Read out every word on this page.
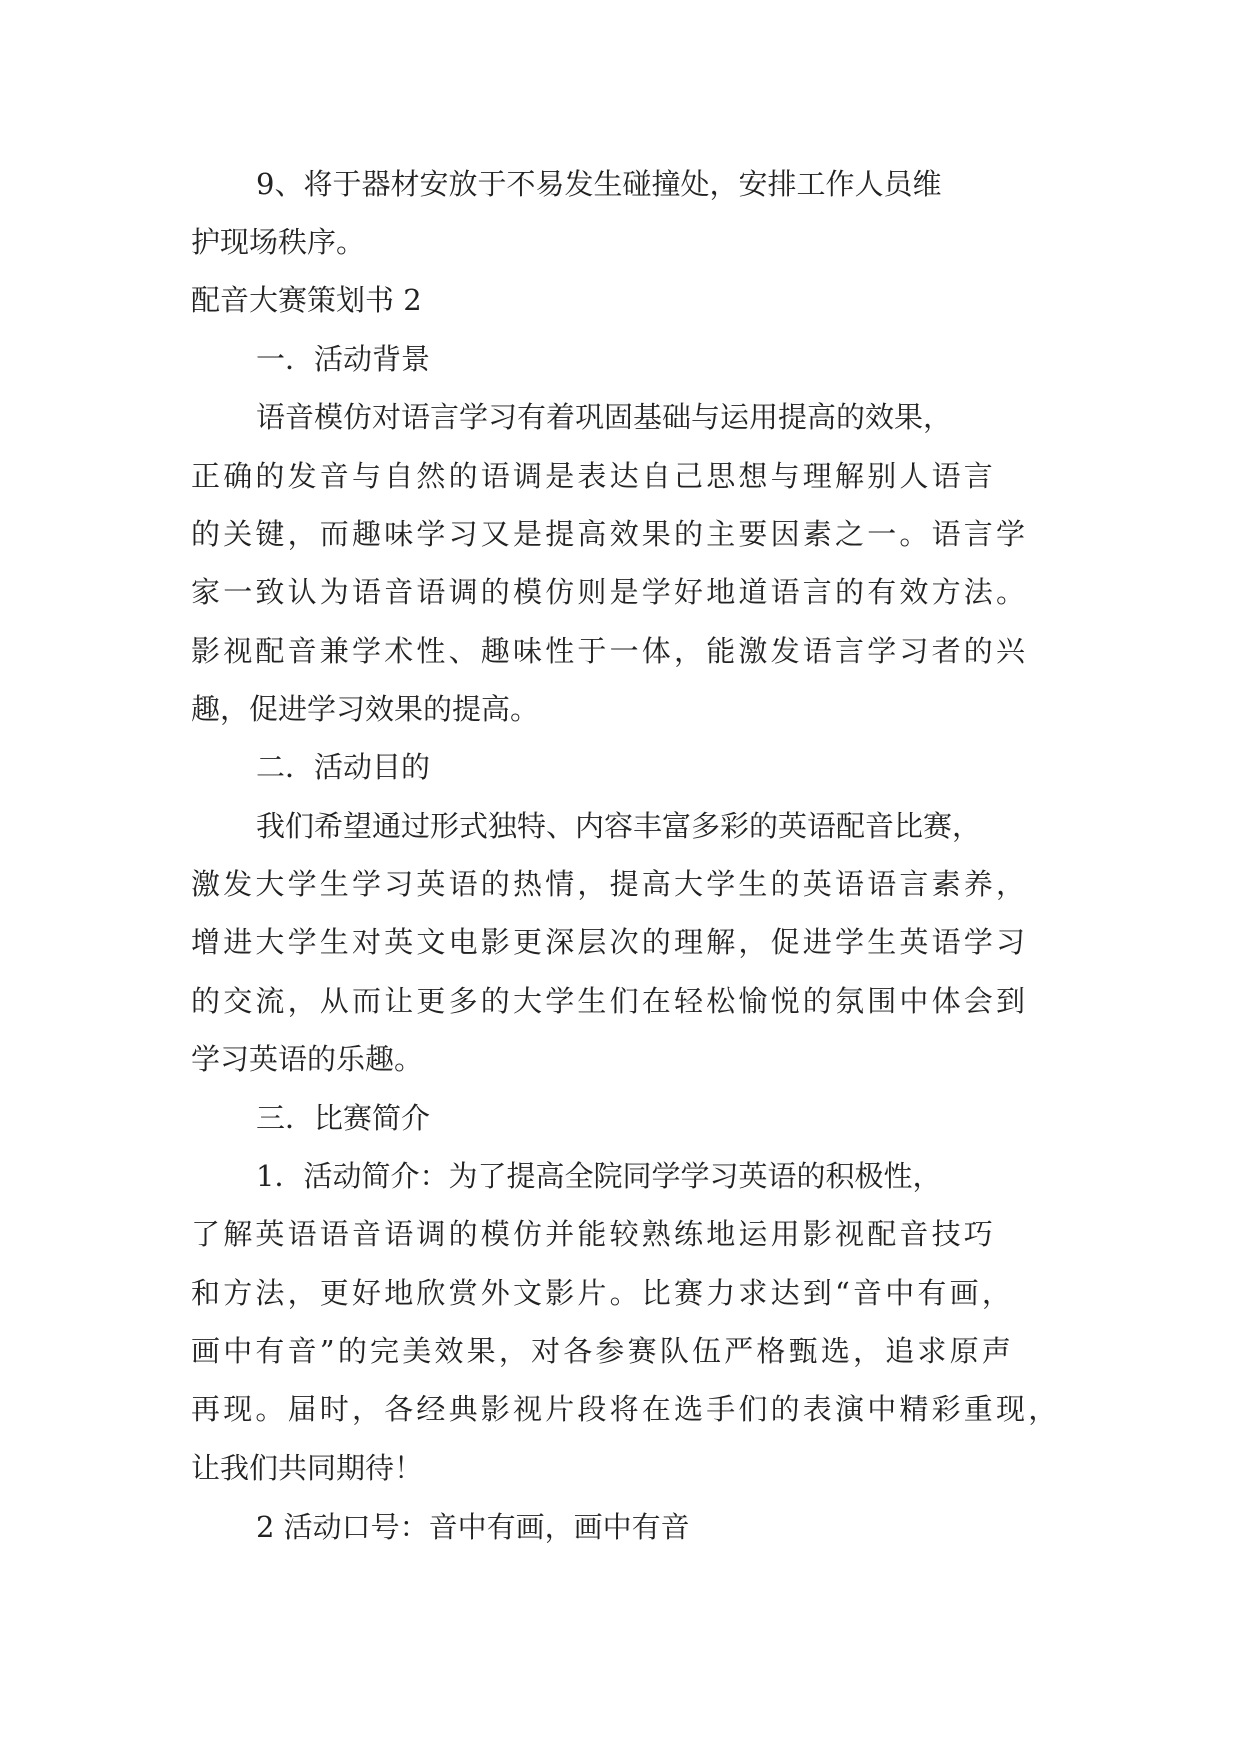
9、将于器材安放于不易发生碰撞处，安排工作人员维

护现场秩序。

配音大赛策划书 2

一．活动背景

语音模仿对语言学习有着巩固基础与运用提高的效果，

正确的发音与自然的语调是表达自己思想与理解别人语言

的关键，而趣味学习又是提高效果的主要因素之一。语言学

家一致认为语音语调的模仿则是学好地道语言的有效方法。

影视配音兼学术性、趣味性于一体，能激发语言学习者的兴

趣，促进学习效果的提高。

二．活动目的

我们希望通过形式独特、内容丰富多彩的英语配音比赛，

激发大学生学习英语的热情，提高大学生的英语语言素养，

增进大学生对英文电影更深层次的理解，促进学生英语学习

的交流，从而让更多的大学生们在轻松愉悦的氛围中体会到

学习英语的乐趣。

三．比赛简介

1．活动简介：为了提高全院同学学习英语的积极性，

了解英语语音语调的模仿并能较熟练地运用影视配音技巧

和方法，更好地欣赏外文影片。比赛力求达到“音中有画，

画中有音”的完美效果，对各参赛队伍严格甄选，追求原声

再现。届时，各经典影视片段将在选手们的表演中精彩重现，

让我们共同期待！

2 活动口号：音中有画，画中有音
